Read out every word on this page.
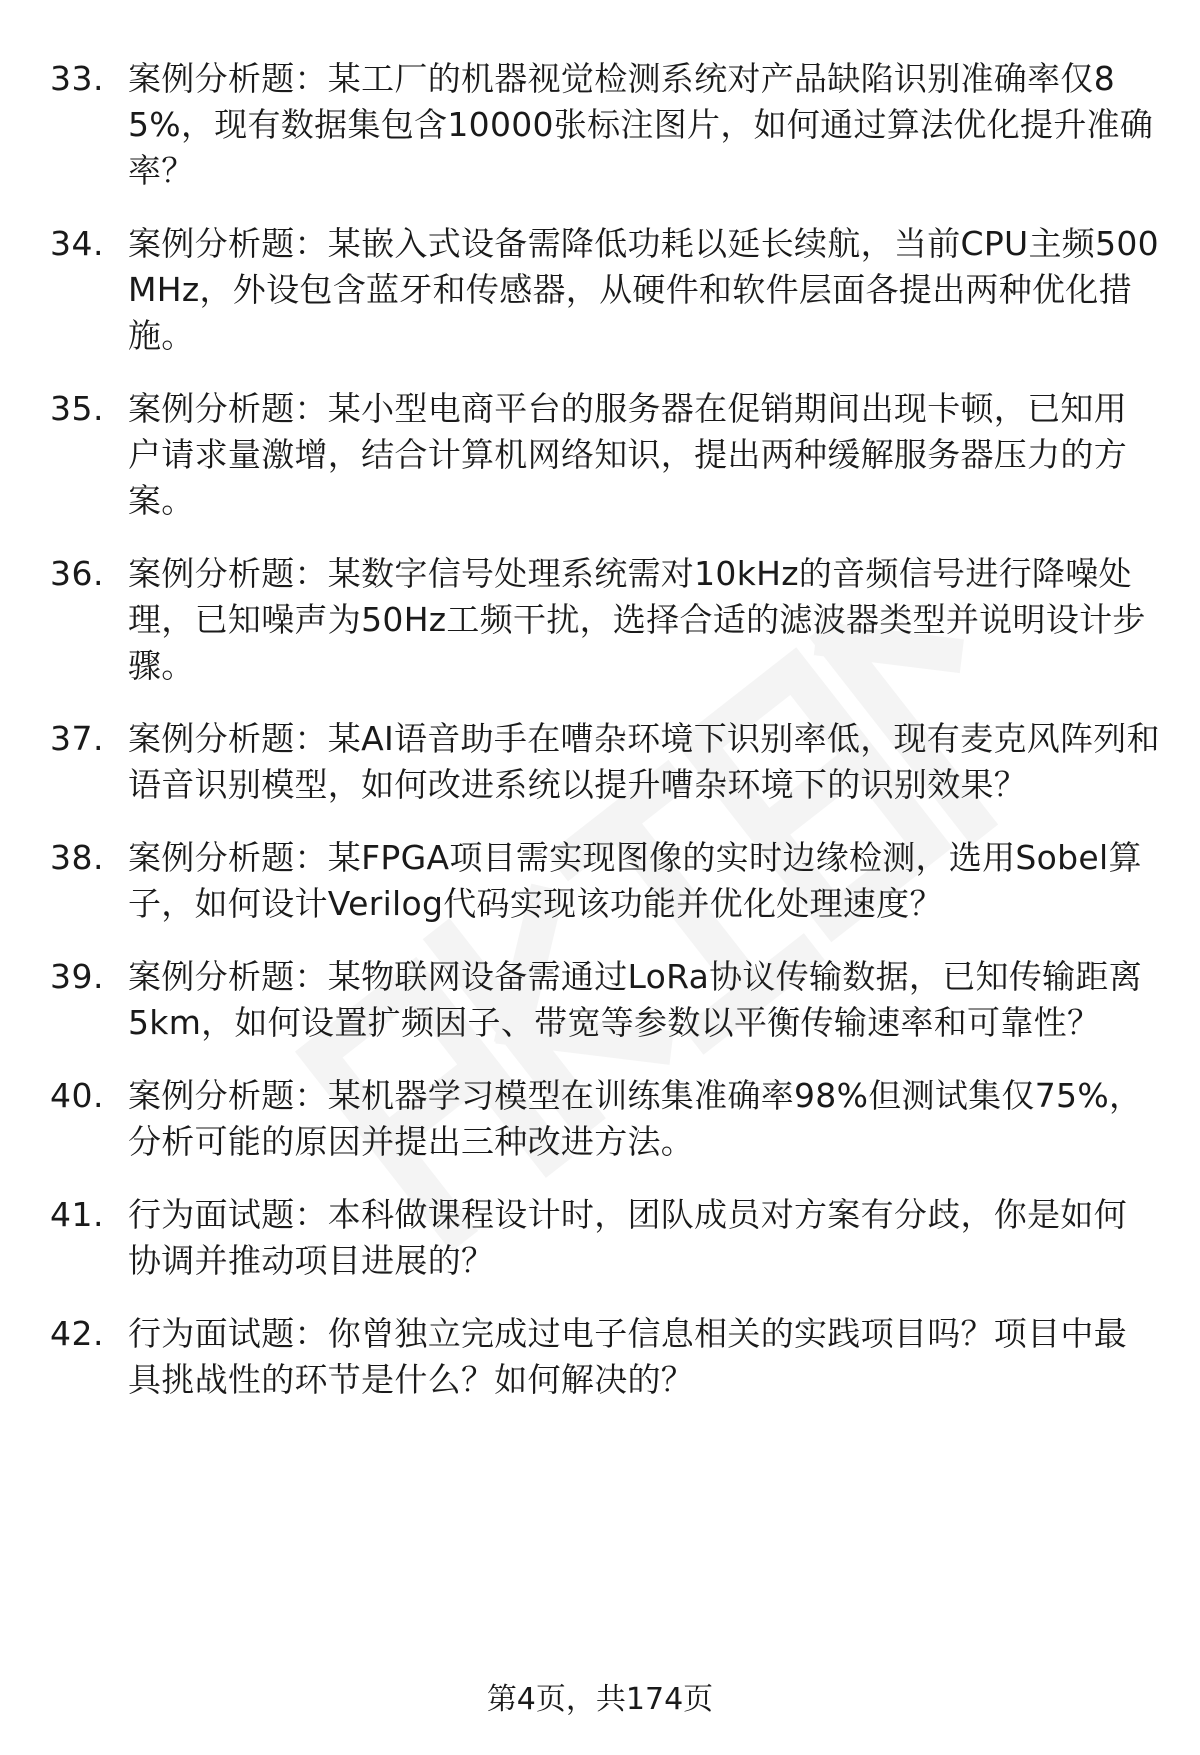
33. 案例分析题：某工厂的机器视觉检测系统对产品缺陷识别准确率仅85%，现有数据集包含10000张标注图片，如何通过算法优化提升准确率？
34. 案例分析题：某嵌入式设备需降低功耗以延长续航，当前CPU主频500MHz，外设包含蓝牙和传感器，从硬件和软件层面各提出两种优化措施。
35. 案例分析题：某小型电商平台的服务器在促销期间出现卡顿，已知用户请求量激增，结合计算机网络知识，提出两种缓解服务器压力的方案。
36. 案例分析题：某数字信号处理系统需对10kHz的音频信号进行降噪处理，已知噪声为50Hz工频干扰，选择合适的滤波器类型并说明设计步骤。
37. 案例分析题：某AI语音助手在嘈杂环境下识别率低，现有麦克风阵列和语音识别模型，如何改进系统以提升嘈杂环境下的识别效果？
38. 案例分析题：某FPGA项目需实现图像的实时边缘检测，选用Sobel算子，如何设计Verilog代码实现该功能并优化处理速度？
39. 案例分析题：某物联网设备需通过LoRa协议传输数据，已知传输距离5km，如何设置扩频因子、带宽等参数以平衡传输速率和可靠性？
40. 案例分析题：某机器学习模型在训练集准确率98%但测试集仅75%，分析可能的原因并提出三种改进方法。
41. 行为面试题：本科做课程设计时，团队成员对方案有分歧，你是如何协调并推动项目进展的？
42. 行为面试题：你曾独立完成过电子信息相关的实践项目吗？项目中最具挑战性的环节是什么？如何解决的？
第4页，共174页
